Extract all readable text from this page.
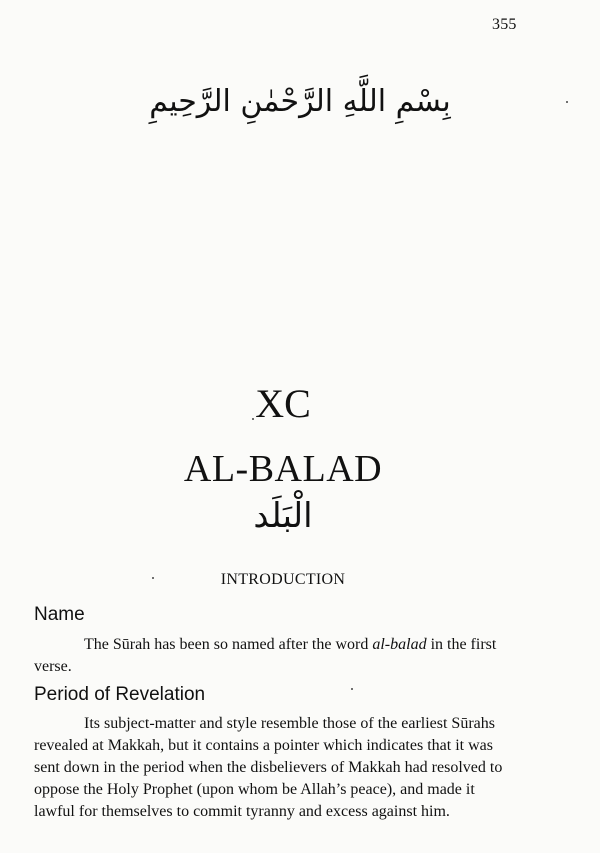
355
بِسْمِ اللَّهِ الرَّحْمٰنِ الرَّحِيمِ
XC
AL-BALAD
الْبَلَد
INTRODUCTION
Name
The Sūrah has been so named after the word al-balad in the first
verse.
Period of Revelation
Its subject-matter and style resemble those of the earliest Sūrahs
revealed at Makkah, but it contains a pointer which indicates that it was
sent down in the period when the disbelievers of Makkah had resolved to
oppose the Holy Prophet (upon whom be Allah’s peace), and made it
lawful for themselves to commit tyranny and excess against him.
